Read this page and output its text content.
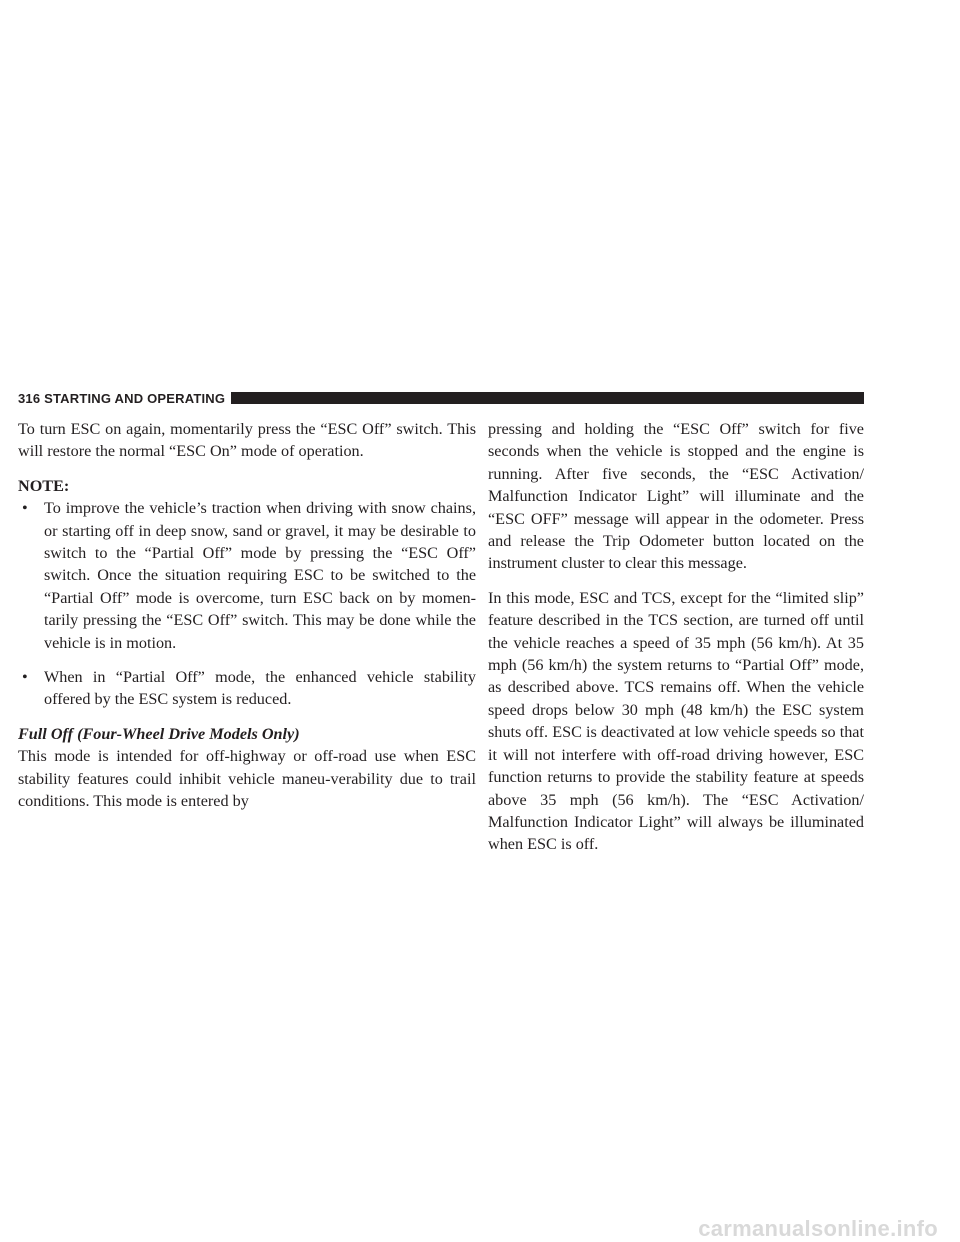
316 STARTING AND OPERATING

To turn ESC on again, momentarily press the “ESC Off” switch. This will restore the normal “ESC On” mode of operation.

NOTE:
• To improve the vehicle’s traction when driving with snow chains, or starting off in deep snow, sand or gravel, it may be desirable to switch to the “Partial Off” mode by pressing the “ESC Off” switch. Once the situation requiring ESC to be switched to the “Partial Off” mode is overcome, turn ESC back on by momen-tarily pressing the “ESC Off” switch. This may be done while the vehicle is in motion.
• When in “Partial Off” mode, the enhanced vehicle stability offered by the ESC system is reduced.
Full Off (Four-Wheel Drive Models Only)

This mode is intended for off-highway or off-road use when ESC stability features could inhibit vehicle maneu-verability due to trail conditions. This mode is entered by

pressing and holding the “ESC Off” switch for five seconds when the vehicle is stopped and the engine is running. After five seconds, the “ESC Activation/ Malfunction Indicator Light” will illuminate and the “ESC OFF” message will appear in the odometer. Press and release the Trip Odometer button located on the instrument cluster to clear this message.

In this mode, ESC and TCS, except for the “limited slip” feature described in the TCS section, are turned off until the vehicle reaches a speed of 35 mph (56 km/h). At 35 mph (56 km/h) the system returns to “Partial Off” mode, as described above. TCS remains off. When the vehicle speed drops below 30 mph (48 km/h) the ESC system shuts off. ESC is deactivated at low vehicle speeds so that it will not interfere with off-road driving however, ESC function returns to provide the stability feature at speeds above 35 mph (56 km/h). The “ESC Activation/ Malfunction Indicator Light” will always be illuminated when ESC is off.

carmanualsonline.info
